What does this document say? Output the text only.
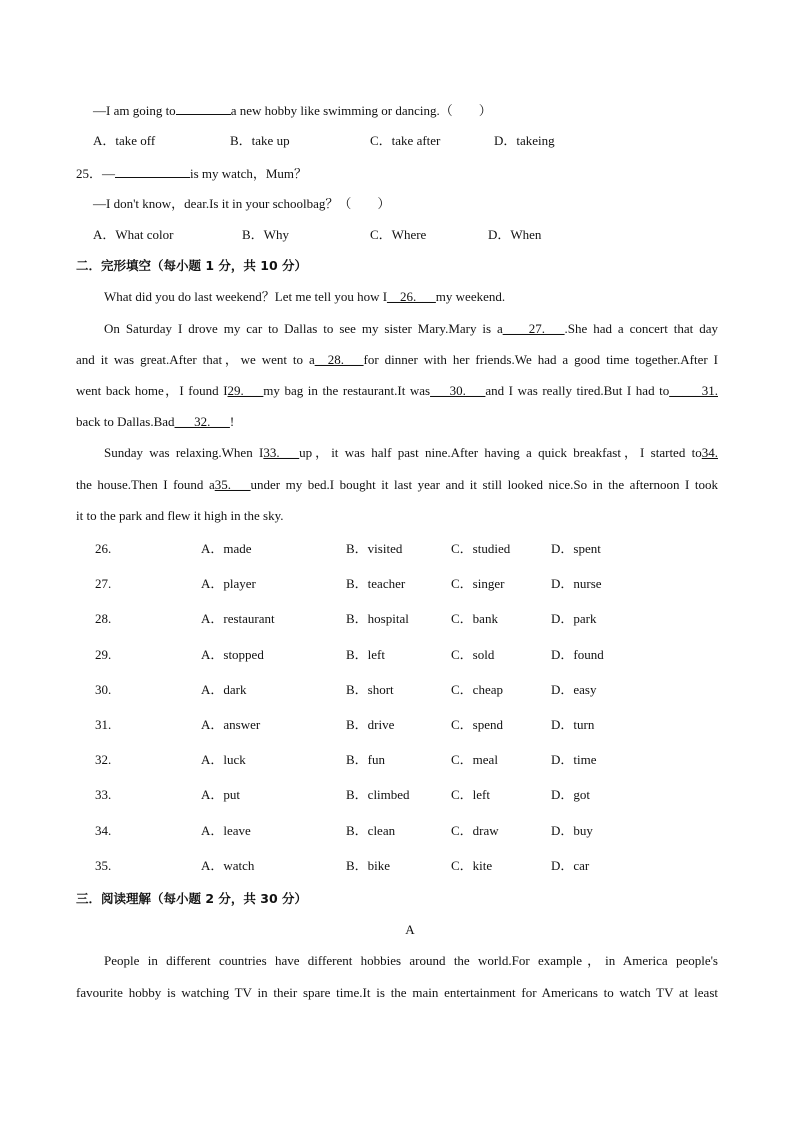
—I am going to	a new hobby like swimming or dancing.（　　）
A．take off	B．take up	C．take after	D．takeing
25．—	is my watch，Mum？
—I don't know，dear.Is it in your schoolbag？（　　）
A．What color	B．Why	C．Where	D．When
二．完形填空（每小题 1 分，共 10 分）
What did you do last weekend？Let me tell you how I__26.___my weekend.
On Saturday I drove my car to Dallas to see my sister Mary.Mary is a____27.___.She had a concert that day
and it was great.After that，we went to a__28.___for dinner with her friends.We had a good time together.After I
went back home，I found I29.___my bag in the restaurant.It was___30.___and I was really tired.But I had to_____31.
back to Dallas.Bad___32.___!
Sunday was relaxing.When I33.___up，it was half past nine.After having a quick breakfast，I started to34.
the house.Then I found a35.___under my bed.I bought it last year and it still looked nice.So in the afternoon I took
it to the park and flew it high in the sky.
26.	A．made	B．visited	C．studied	D．spent
27.	A．player	B．teacher	C．singer	D．nurse
28.	A．restaurant	B．hospital	C．bank	D．park
29.	A．stopped	B．left	C．sold	D．found
30.	A．dark	B．short	C．cheap	D．easy
31.	A．answer	B．drive	C．spend	D．turn
32.	A．luck	B．fun	C．meal	D．time
33.	A．put	B．climbed	C．left	D．got
34.	A．leave	B．clean	C．draw	D．buy
35.	A．watch	B．bike	C．kite	D．car
三．阅读理解（每小题 2 分，共 30 分）
A
People in different countries have different hobbies around the world.For example，in America people's
favourite hobby is watching TV in their spare time.It is the main entertainment for Americans to watch TV at least
